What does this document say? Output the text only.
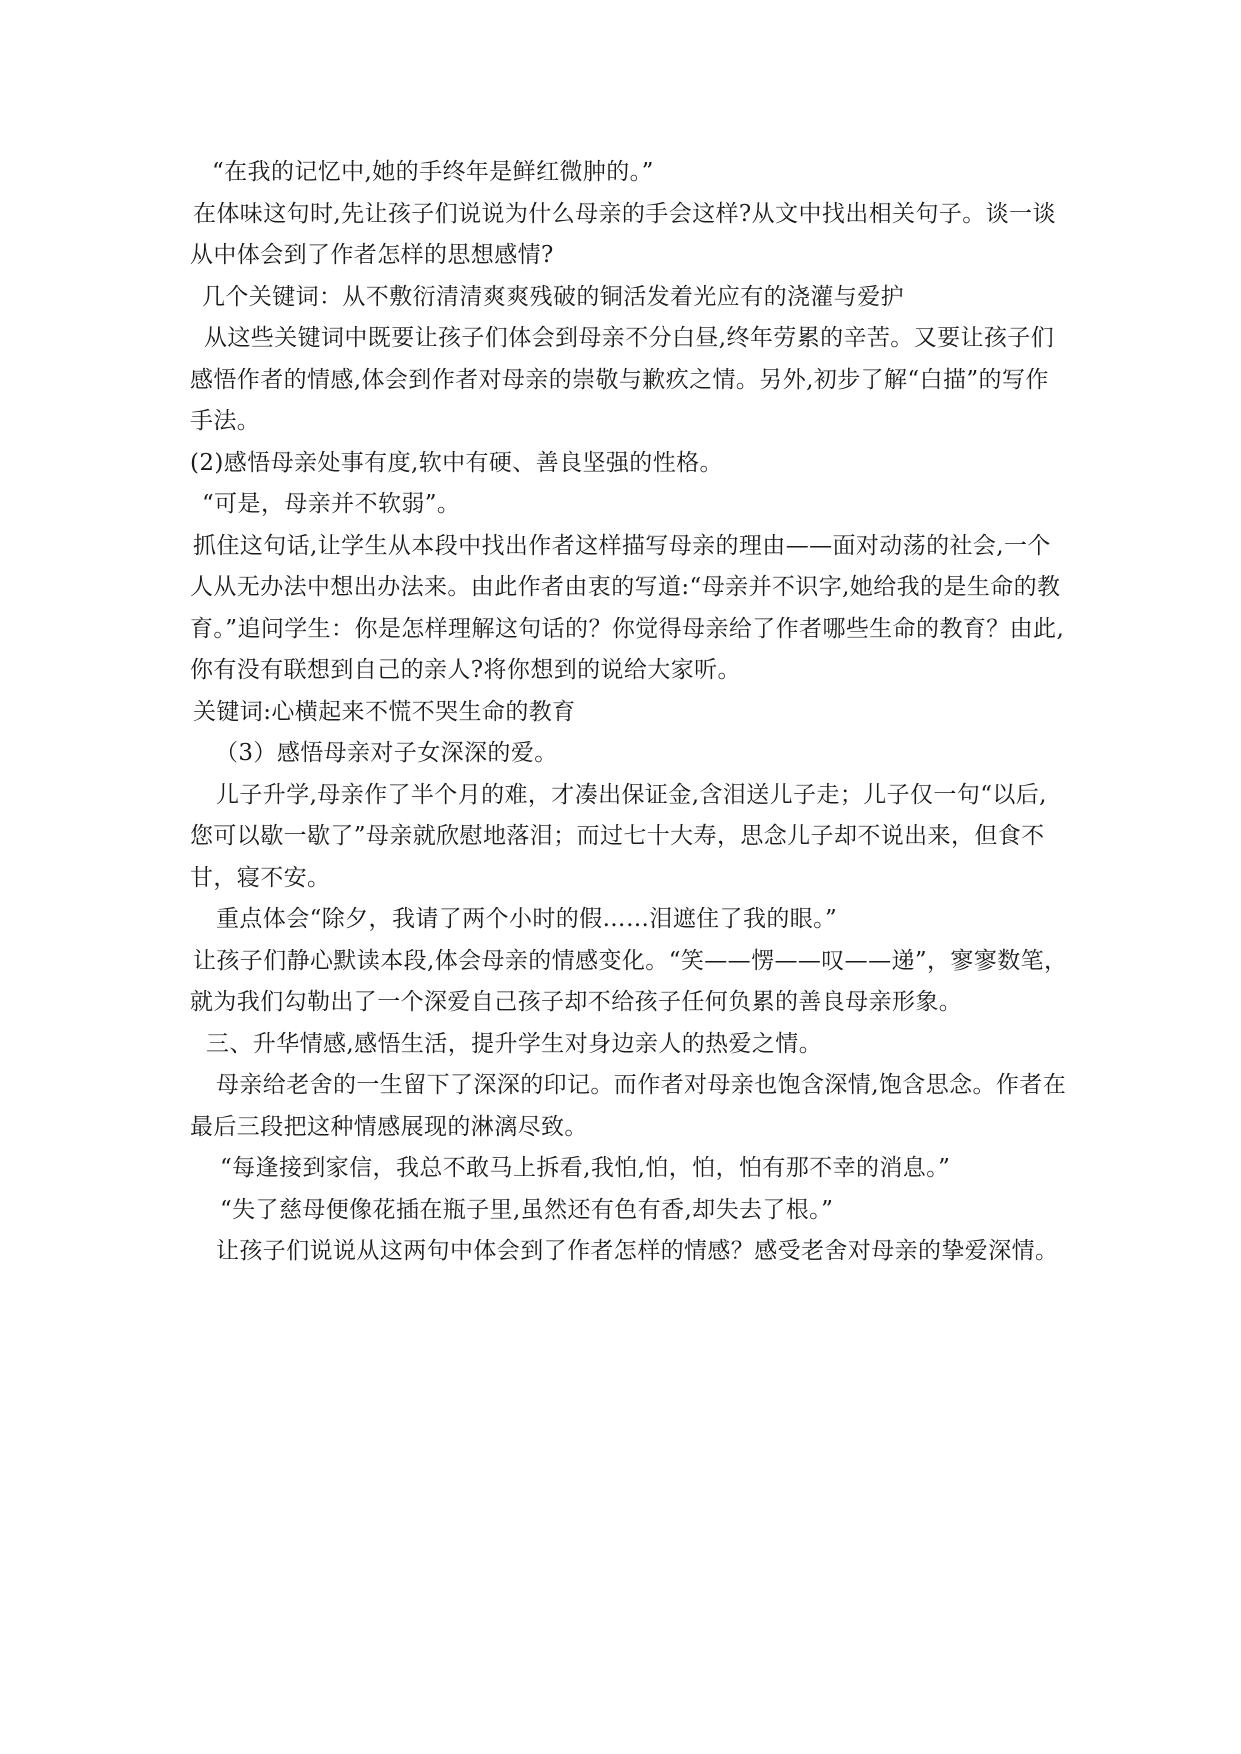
“在我的记忆中,她的手终年是鲜红微肿的。”

在体味这句时,先让孩子们说说为什么母亲的手会这样?从文中找出相关句子。谈一谈从中体会到了作者怎样的思想感情?

几个关键词：从不敷衍清清爽爽残破的铜活发着光应有的浇灌与爱护

从这些关键词中既要让孩子们体会到母亲不分白昼,终年劳累的辛苦。又要让孩子们感悟作者的情感,体会到作者对母亲的崇敬与歉疚之情。另外,初步了解“白描”的写作手法。

(2)感悟母亲处事有度,软中有硬、善良坚强的性格。

“可是，母亲并不软弱”。

抓住这句话,让学生从本段中找出作者这样描写母亲的理由——面对动荡的社会,一个人从无办法中想出办法来。由此作者由衷的写道:“母亲并不识字,她给我的是生命的教育。”追问学生：你是怎样理解这句话的？你觉得母亲给了作者哪些生命的教育？由此,你有没有联想到自己的亲人?将你想到的说给大家听。

关键词:心横起来不慌不哭生命的教育

（3）感悟母亲对子女深深的爱。

儿子升学,母亲作了半个月的难，才凑出保证金,含泪送儿子走；儿子仅一句“以后,您可以歇一歇了”母亲就欣慰地落泪；而过七十大寿，思念儿子却不说出来，但食不甘，寝不安。

重点体会“除夕，我请了两个小时的假……泪遮住了我的眼。”

让孩子们静心默读本段,体会母亲的情感变化。“笑——愣——叹——递”，寥寥数笔，就为我们勾勒出了一个深爱自己孩子却不给孩子任何负累的善良母亲形象。

三、升华情感,感悟生活，提升学生对身边亲人的热爱之情。

母亲给老舍的一生留下了深深的印记。而作者对母亲也饱含深情,饱含思念。作者在最后三段把这种情感展现的淋漓尽致。

“每逢接到家信，我总不敢马上拆看,我怕,怕，怕，怕有那不幸的消息。”

“失了慈母便像花插在瓶子里,虽然还有色有香,却失去了根。”

让孩子们说说从这两句中体会到了作者怎样的情感？感受老舍对母亲的挚爱深情。
